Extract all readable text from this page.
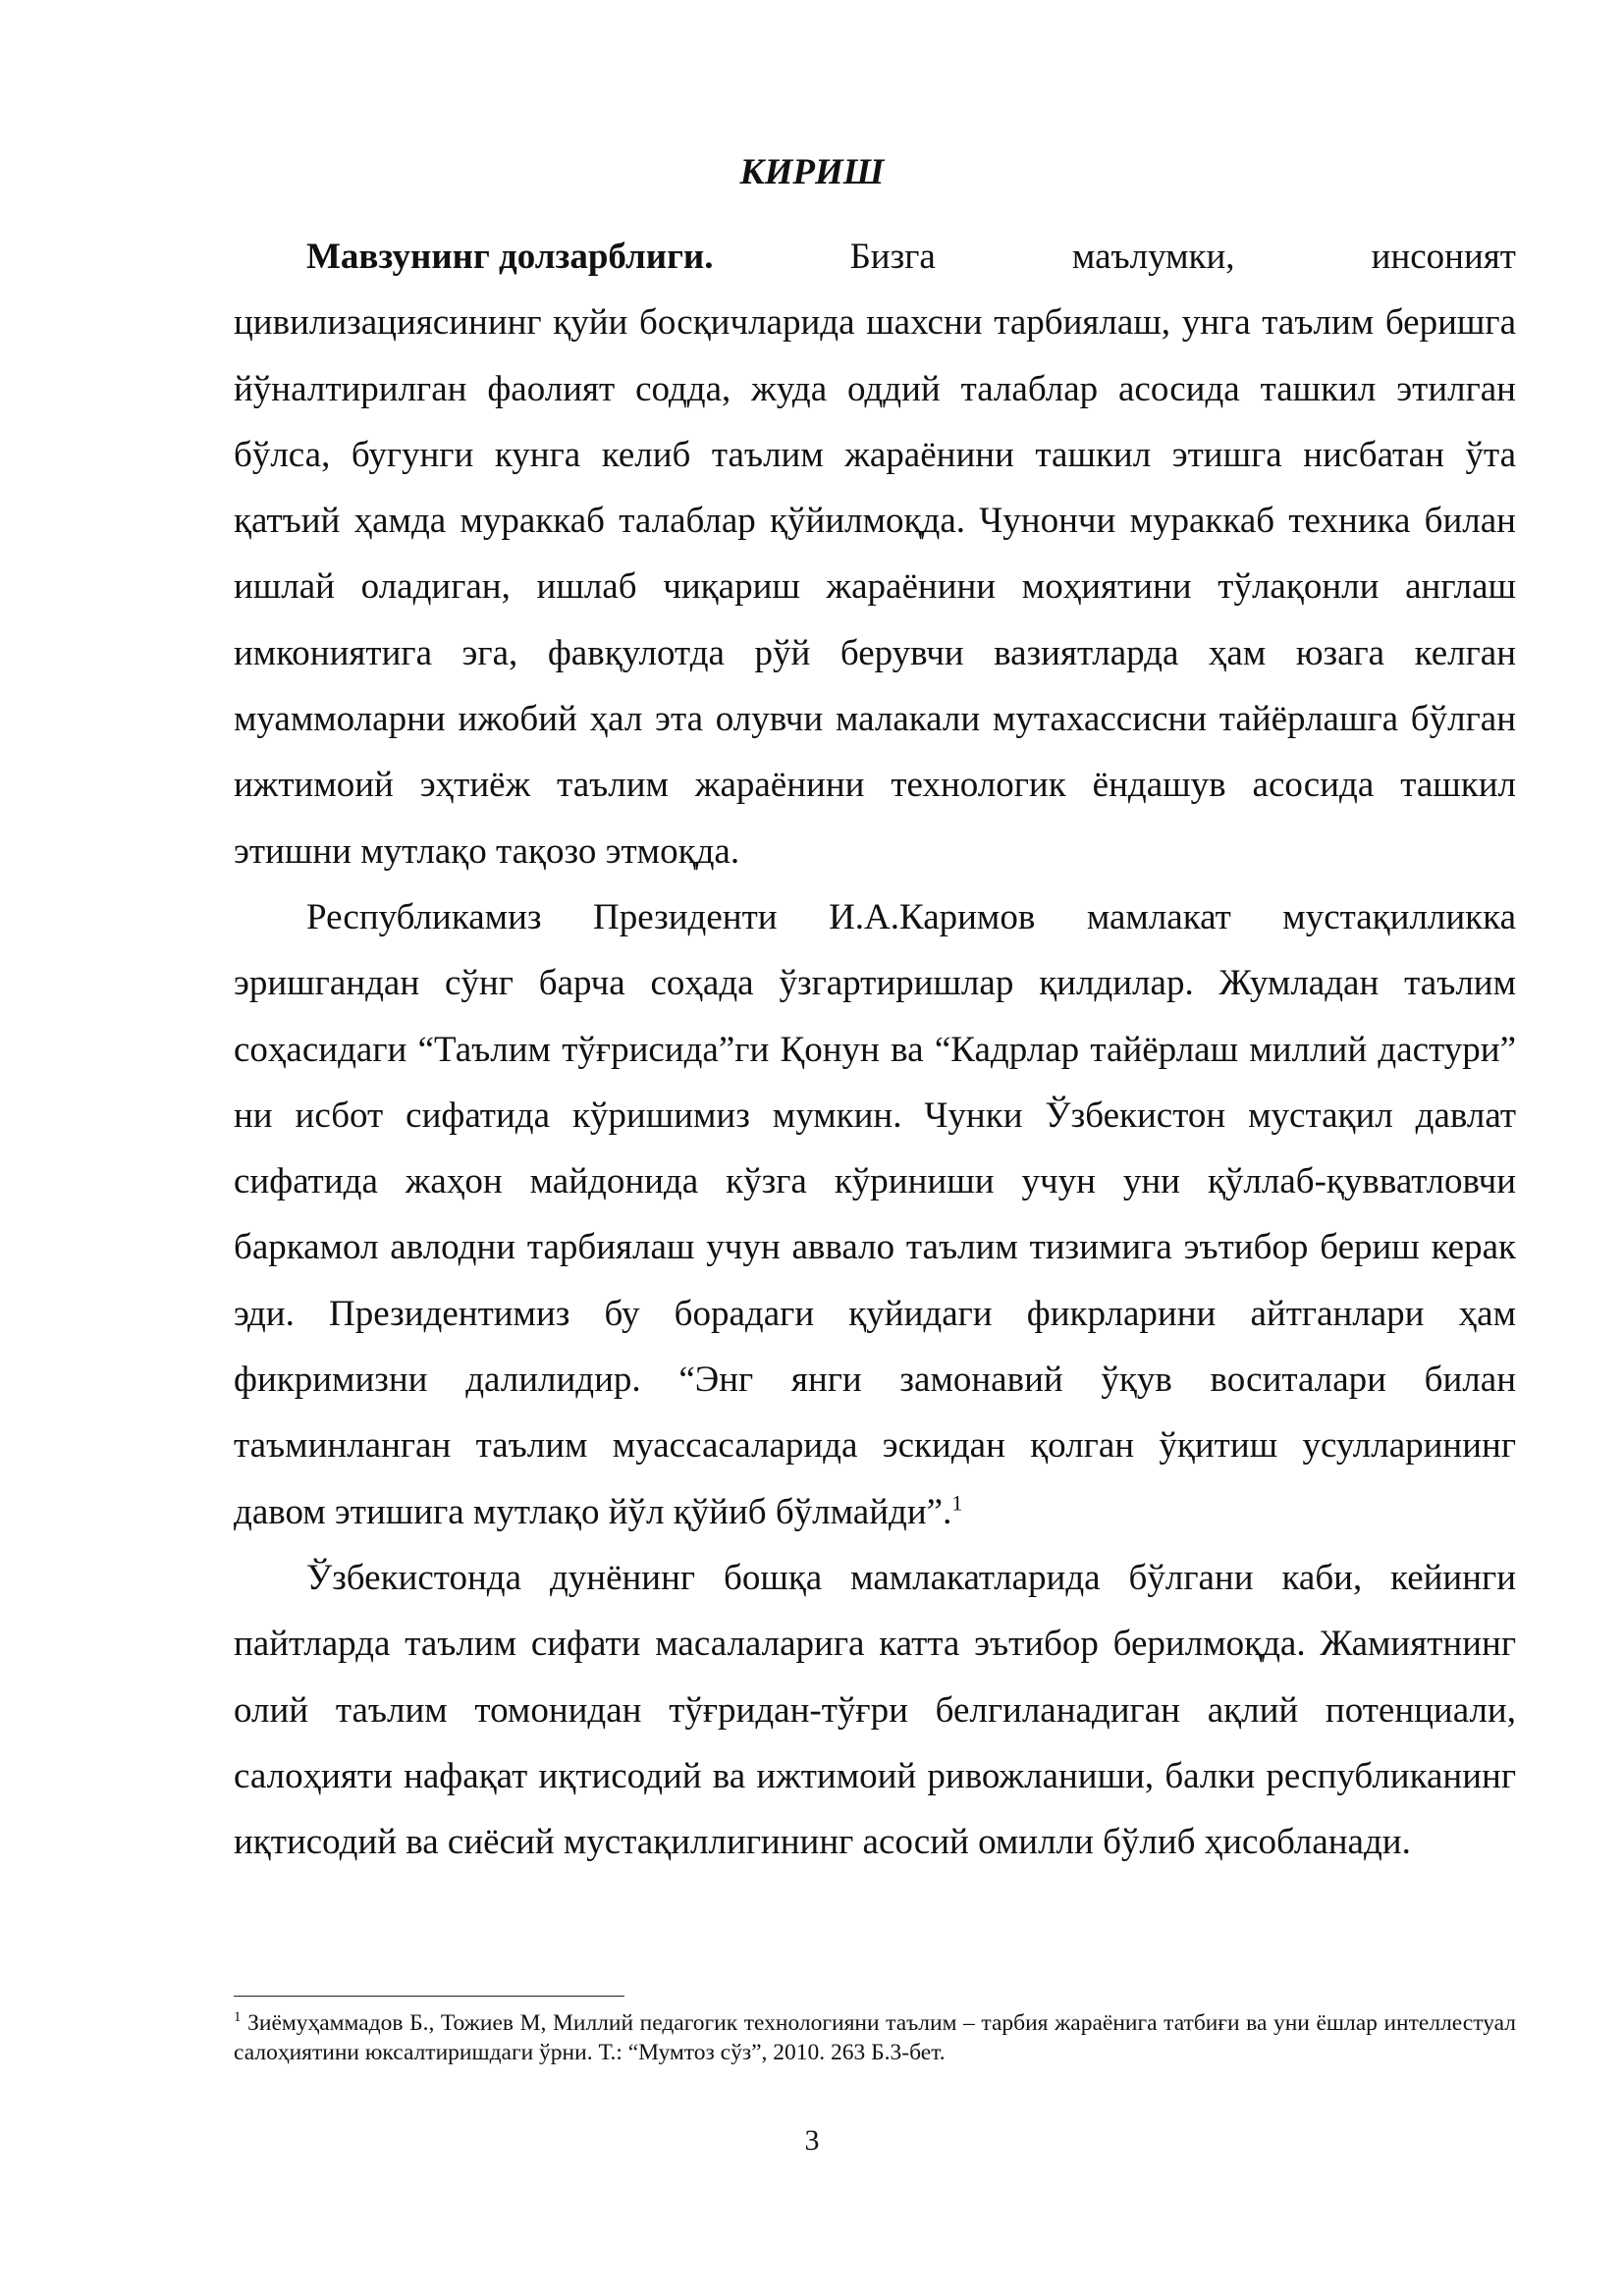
КИРИШ
Мавзунинг долзарблиги.	Бизга	маълумки,	инсоният

цивилизациясининг қуйи босқичларида шахсни тарбиялаш, унга таълим беришга йўналтирилган фаолият содда, жуда оддий талаблар асосида ташкил этилган бўлса, бугунги кунга келиб таълим жараёнини ташкил этишга нисбатан ўта қатъий ҳамда мураккаб талаблар қўйилмоқда. Чунончи мураккаб техника билан ишлай оладиган, ишлаб чиқариш жараёнини моҳиятини тўлақонли англаш имкониятига эга, фавқулотда рўй берувчи вазиятларда ҳам юзага келган муаммоларни ижобий ҳал эта олувчи малакали мутахассисни тайёрлашга бўлган ижтимоий эҳтиёж таълим жараёнини технологик ёндашув асосида ташкил этишни мутлақо тақозо этмоқда.

Республикамиз Президенти И.А.Каримов мамлакат мустақилликка эришгандан сўнг барча соҳада ўзгартиришлар қилдилар. Жумладан таълим соҳасидаги “Таълим тўғрисида”ги Қонун ва “Кадрлар тайёрлаш миллий дастури” ни исбот сифатида кўришимиз мумкин. Чунки Ўзбекистон мустақил давлат сифатида жаҳон майдонида кўзга кўриниши учун уни қўллаб-қувватловчи баркамол авлодни тарбиялаш учун аввало таълим тизимига эътибор бериш керак эди. Президентимиз бу борадаги қуйидаги фикрларини айтганлари ҳам фикримизни далилидир. “Энг янги замонавий ўқув воситалари билан таъминланган таълим муассасаларида эскидан қолган ўқитиш усулларининг давом этишига мутлақо йўл қўйиб бўлмайди”.$^1$

Ўзбекистонда дунёнинг бошқа мамлакатларида бўлгани каби, кейинги пайтларда таълим сифати масалаларига катта эътибор берилмоқда. Жамиятнинг олий таълим томонидан тўғридан-тўғри белгиланадиган ақлий потенциали, салоҳияти нафақат иқтисодий ва ижтимоий ривожланиши, балки республиканинг иқтисодий ва сиёсий мустақиллигининг асосий омилли бўлиб ҳисобланади.

$^1$ Зиёмуҳаммадов Б., Тожиев М, Миллий педагогик технологияни таълим – тарбия жараёнига татбиғи ва уни ёшлар интеллестуал салоҳиятини юксалтиришдаги ўрни. Т.: “Мумтоз сўз”, 2010. 263 Б.3-бет.
3
